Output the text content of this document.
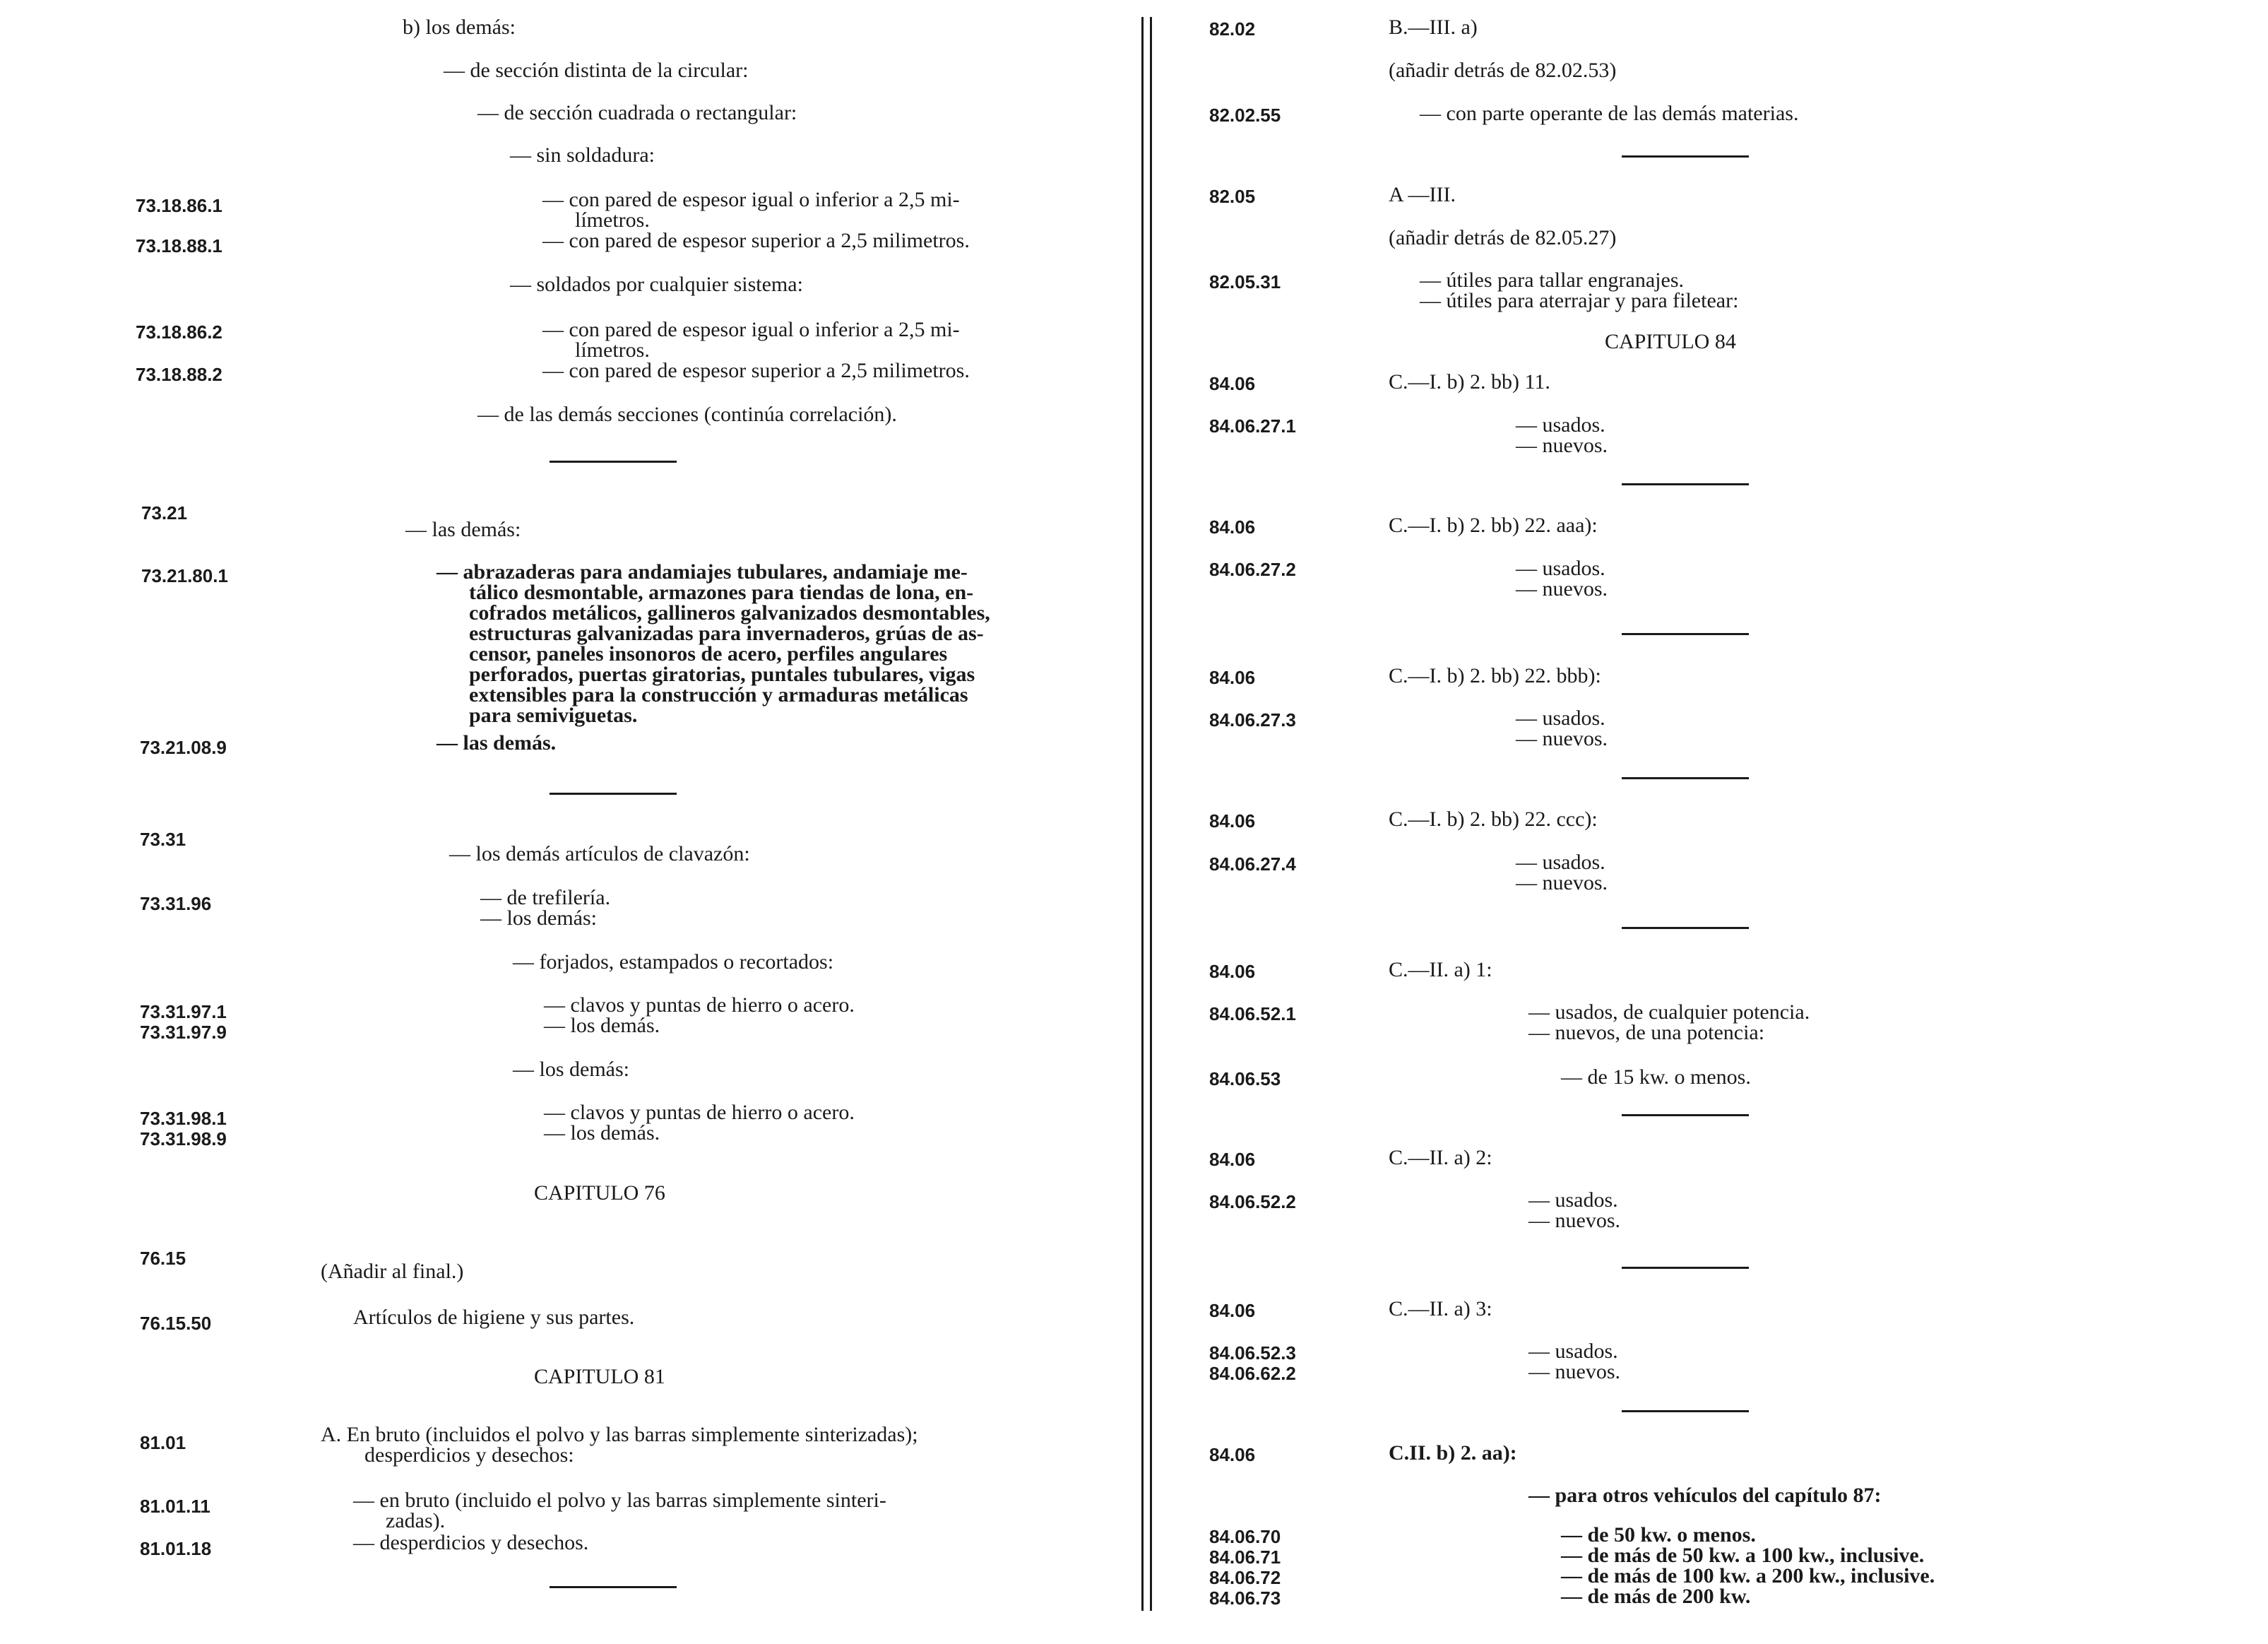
73.18.86.1
73.18.88.1
73.18.86.2
73.18.88.2
73.21
73.21.80.1
73.21.08.9
73.31
73.31.96
73.31.97.1
73.31.97.9
73.31.98.1
73.31.98.9
76.15
76.15.50
81.01
81.01.11
81.01.18
b) los demás:
— de sección distinta de la circular:
— de sección cuadrada o rectangular:
— sin soldadura:
— con pared de espesor igual o inferior a 2,5 mi-
límetros.
— con pared de espesor superior a 2,5 milimetros.
— soldados por cualquier sistema:
— con pared de espesor igual o inferior a 2,5 mi-
límetros.
— con pared de espesor superior a 2,5 milimetros.
— de las demás secciones (continúa correlación).
— las demás:
— abrazaderas para andamiajes tubulares, andamiaje me-
tálico desmontable, armazones para tiendas de lona, en-
cofrados metálicos, gallineros galvanizados desmontables,
estructuras galvanizadas para invernaderos, grúas de as-
censor, paneles insonoros de acero, perfiles angulares
perforados, puertas giratorias, puntales tubulares, vigas
extensibles para la construcción y armaduras metálicas
para semiviguetas.
— las demás.
— los demás artículos de clavazón:
— de trefilería.
— los demás:
— forjados, estampados o recortados:
— clavos y puntas de hierro o acero.
— los demás.
— los demás:
— clavos y puntas de hierro o acero.
— los demás.
CAPITULO 76
(Añadir al final.)
Artículos de higiene y sus partes.
CAPITULO 81
A. En bruto (incluidos el polvo y las barras simplemente sinterizadas);
desperdicios y desechos:
— en bruto (incluido el polvo y las barras simplemente sinteri-
zadas).
— desperdicios y desechos.
82.02
82.02.55
82.05
82.05.31
84.06
84.06.27.1
84.06
84.06.27.2
84.06
84.06.27.3
84.06
84.06.27.4
84.06
84.06.52.1
84.06.53
84.06
84.06.52.2
84.06
84.06.52.3
84.06.62.2
84.06
84.06.70
84.06.71
84.06.72
84.06.73
B.—III. a)
(añadir detrás de 82.02.53)
— con parte operante de las demás materias.
A —III.
(añadir detrás de 82.05.27)
— útiles para tallar engranajes.
— útiles para aterrajar y para filetear:
CAPITULO 84
C.—I. b) 2. bb) 11.
— usados.
— nuevos.
C.—I. b) 2. bb) 22. aaa):
— usados.
— nuevos.
C.—I. b) 2. bb) 22. bbb):
— usados.
— nuevos.
C.—I. b) 2. bb) 22. ccc):
— usados.
— nuevos.
C.—II. a) 1:
— usados, de cualquier potencia.
— nuevos, de una potencia:
— de 15 kw. o menos.
C.—II. a) 2:
— usados.
— nuevos.
C.—II. a) 3:
— usados.
— nuevos.
C.II. b) 2. aa):
— para otros vehículos del capítulo 87:
— de 50 kw. o menos.
— de más de 50 kw. a 100 kw., inclusive.
— de más de 100 kw. a 200 kw., inclusive.
— de más de 200 kw.
